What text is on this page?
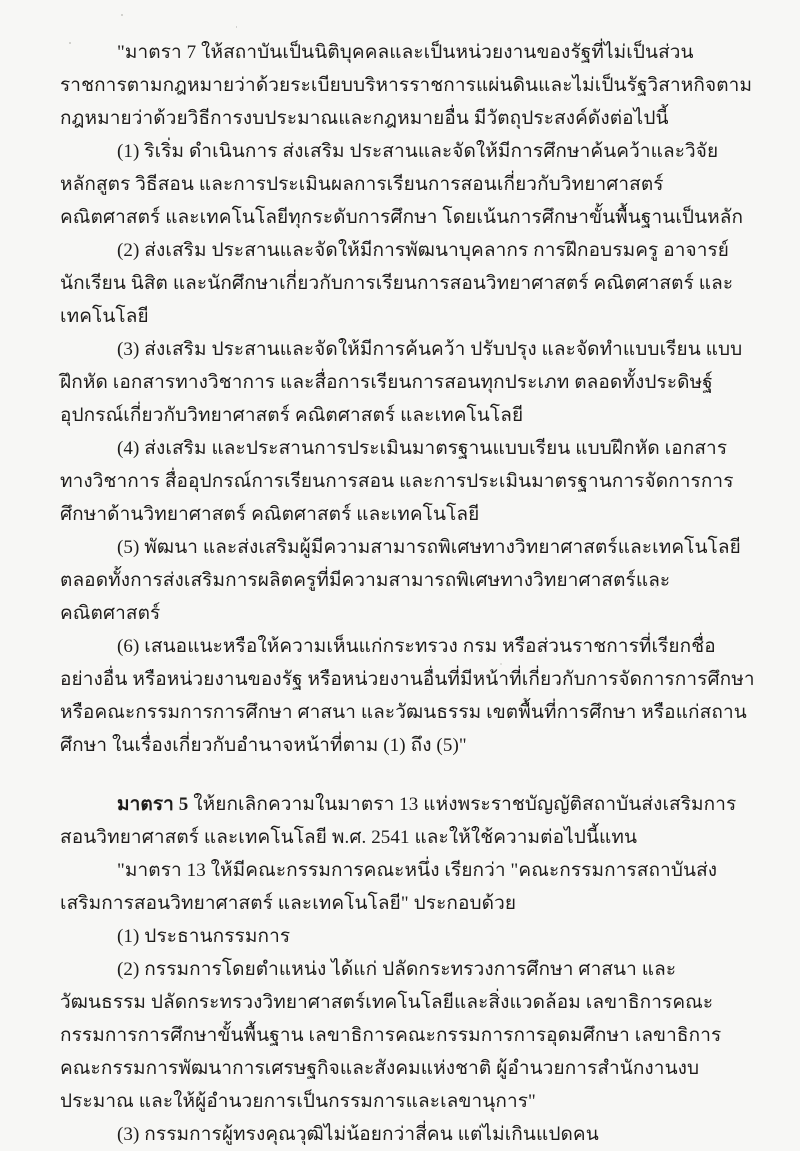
"มาตรา 7 ให้สถาบันเป็นนิติบุคคลและเป็นหน่วยงานของรัฐที่ไม่เป็นส่วนราชการตามกฎหมายว่าด้วยระเบียบบริหารราชการแผ่นดินและไม่เป็นรัฐวิสาหกิจตามกฎหมายว่าด้วยวิธีการงบประมาณและกฎหมายอื่น มีวัตถุประสงค์ดังต่อไปนี้

(1) ริเริ่ม ดำเนินการ ส่งเสริม ประสานและจัดให้มีการศึกษาค้นคว้าและวิจัยหลักสูตร วิธีสอน และการประเมินผลการเรียนการสอนเกี่ยวกับวิทยาศาสตร์ คณิตศาสตร์ และเทคโนโลยีทุกระดับการศึกษา โดยเน้นการศึกษาขั้นพื้นฐานเป็นหลัก

(2) ส่งเสริม ประสานและจัดให้มีการพัฒนาบุคลากร การฝึกอบรมครู อาจารย์ นักเรียน นิสิต และนักศึกษาเกี่ยวกับการเรียนการสอนวิทยาศาสตร์ คณิตศาสตร์ และเทคโนโลยี

(3) ส่งเสริม ประสานและจัดให้มีการค้นคว้า ปรับปรุง และจัดทำแบบเรียน แบบฝึกหัด เอกสารทางวิชาการ และสื่อการเรียนการสอนทุกประเภท ตลอดทั้งประดิษฐ์อุปกรณ์เกี่ยวกับวิทยาศาสตร์ คณิตศาสตร์ และเทคโนโลยี

(4) ส่งเสริม และประสานการประเมินมาตรฐานแบบเรียน แบบฝึกหัด เอกสารทางวิชาการ สื่ออุปกรณ์การเรียนการสอน และการประเมินมาตรฐานการจัดการการศึกษาด้านวิทยาศาสตร์ คณิตศาสตร์ และเทคโนโลยี

(5) พัฒนา และส่งเสริมผู้มีความสามารถพิเศษทางวิทยาศาสตร์และเทคโนโลยี ตลอดทั้งการส่งเสริมการผลิตครูที่มีความสามารถพิเศษทางวิทยาศาสตร์และคณิตศาสตร์

(6) เสนอแนะหรือให้ความเห็นแก่กระทรวง กรม หรือส่วนราชการที่เรียกชื่ออย่างอื่น หรือหน่วยงานของรัฐ หรือหน่วยงานอื่นที่มีหน้าที่เกี่ยวกับการจัดการการศึกษา หรือคณะกรรมการการศึกษา ศาสนา และวัฒนธรรม เขตพื้นที่การศึกษา หรือแก่สถานศึกษา ในเรื่องเกี่ยวกับอำนาจหน้าที่ตาม (1) ถึง (5)"

มาตรา 5 ให้ยกเลิกความในมาตรา 13 แห่งพระราชบัญญัติสถาบันส่งเสริมการสอนวิทยาศาสตร์ และเทคโนโลยี พ.ศ. 2541 และให้ใช้ความต่อไปนี้แทน

"มาตรา 13 ให้มีคณะกรรมการคณะหนึ่ง เรียกว่า "คณะกรรมการสถาบันส่งเสริมการสอนวิทยาศาสตร์ และเทคโนโลยี" ประกอบด้วย

(1) ประธานกรรมการ

(2) กรรมการโดยตำแหน่ง ได้แก่ ปลัดกระทรวงการศึกษา ศาสนา และวัฒนธรรม ปลัดกระทรวงวิทยาศาสตร์เทคโนโลยีและสิ่งแวดล้อม เลขาธิการคณะกรรมการการศึกษาขั้นพื้นฐาน เลขาธิการคณะกรรมการการอุดมศึกษา เลขาธิการคณะกรรมการพัฒนาการเศรษฐกิจและสังคมแห่งชาติ ผู้อำนวยการสำนักงานงบประมาณ และให้ผู้อำนวยการเป็นกรรมการและเลขานุการ"

(3) กรรมการผู้ทรงคุณวุฒิไม่น้อยกว่าสี่คน แต่ไม่เกินแปดคน
